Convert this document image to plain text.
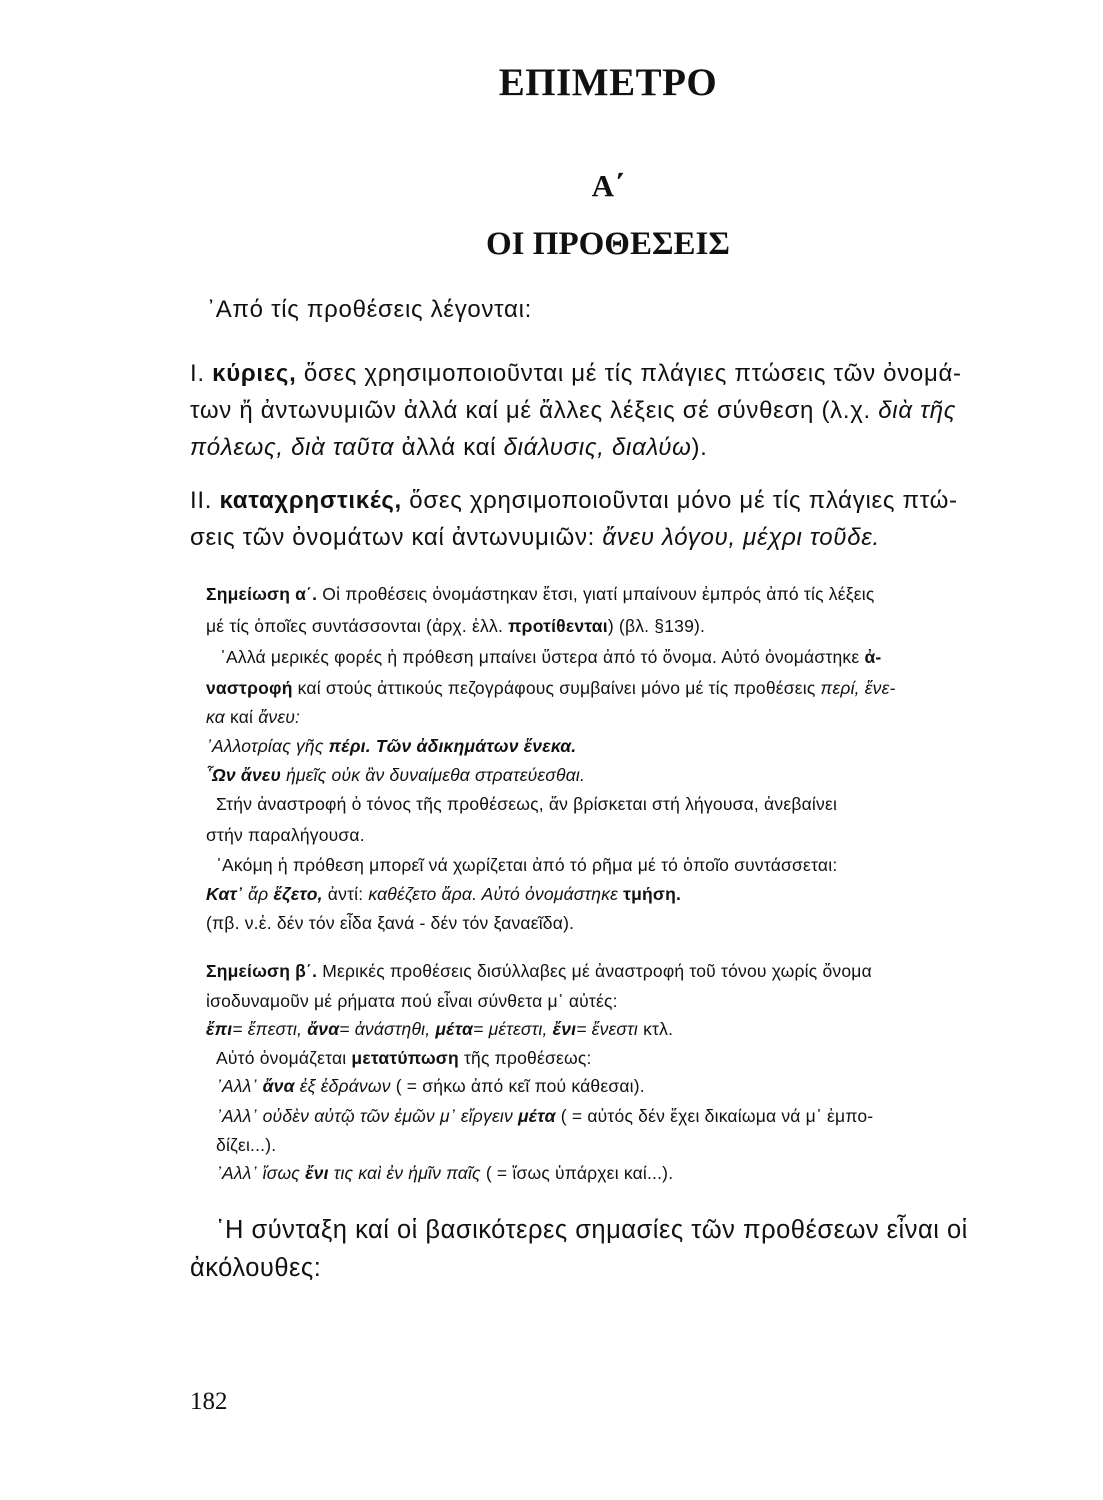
ΕΠΙΜΕΤΡΟ
Α΄
ΟΙ ΠΡΟΘΕΣΕΙΣ
᾿Από τίς προθέσεις λέγονται:
I. κύριες, ὅσες χρησιμοποιοῦνται μέ τίς πλάγιες πτώσεις τῶν ὀνομά-
των ἤ ἀντωνυμιῶν ἀλλά καί μέ ἄλλες λέξεις σέ σύνθεση (λ.χ. διὰ τῆς
πόλεως, διὰ ταῦτα ἀλλά καί διάλυσις, διαλύω).
II. καταχρηστικές, ὅσες χρησιμοποιοῦνται μόνο μέ τίς πλάγιες πτώ-
σεις τῶν ὀνομάτων καί ἀντωνυμιῶν: ἄνευ λόγου, μέχρι τοῦδε.
Σημείωση α΄. Οἱ προθέσεις ὀνομάστηκαν ἔτσι, γιατί μπαίνουν ἐμπρός ἀπό τίς λέξεις
μέ τίς ὁποῖες συντάσσονται (ἀρχ. ἑλλ. προτίθενται) (βλ. §139).
᾿Αλλά μερικές φορές ἡ πρόθεση μπαίνει ὕστερα ἀπό τό ὄνομα. Αὐτό ὀνομάστηκε ἀ-
ναστροφή καί στούς ἀττικούς πεζογράφους συμβαίνει μόνο μέ τίς προθέσεις περί, ἕνε-
κα καί ἄνευ:
᾿Αλλοτρίας γῆς πέρι. Τῶν ἀδικημάτων ἕνεκα.
῟Ων ἄνευ ἡμεῖς οὐκ ἂν δυναίμεθα στρατεύεσθαι.
Στήν ἀναστροφή ὁ τόνος τῆς προθέσεως, ἄν βρίσκεται στή λήγουσα, ἀνεβαίνει
στήν παραλήγουσα.
᾿Ακόμη ἡ πρόθεση μπορεῖ νά χωρίζεται ἀπό τό ρῆμα μέ τό ὁποῖο συντάσσεται:
Κατ᾿ ἄρ ἕζετο, ἀντί: καθέζετο ἄρα. Αὐτό ὀνομάστηκε τμήση.
(πβ. ν.ἑ. δέν τόν εἶδα ξανά - δέν τόν ξαναεῖδα).
Σημείωση β΄. Μερικές προθέσεις δισύλλαβες μέ ἀναστροφή τοῦ τόνου χωρίς ὄνομα
ἰσοδυναμοῦν μέ ρήματα πού εἶναι σύνθετα μ᾿ αὐτές:
ἔπι= ἔπεστι, ἄνα= ἀνάστηθι, μέτα= μέτεστι, ἔνι= ἔνεστι κτλ.
Αὐτό ὀνομάζεται μετατύπωση τῆς προθέσεως:
᾿Αλλ᾿ ἄνα ἐξ ἑδράνων ( = σήκω ἀπό κεῖ πού κάθεσαι).
᾿Αλλ᾿ οὐδὲν αὐτῷ τῶν ἐμῶν μ᾿ εἴργειν μέτα ( = αὐτός δέν ἔχει δικαίωμα νά μ᾿ ἐμπο-
δίζει...).
᾿Αλλ᾿ ἴσως ἔνι τις καὶ ἐν ἡμῖν παῖς ( = ἴσως ὑπάρχει καί...).
῾Η σύνταξη καί οἱ βασικότερες σημασίες τῶν προθέσεων εἶναι οἱ
ἀκόλουθες:
182
